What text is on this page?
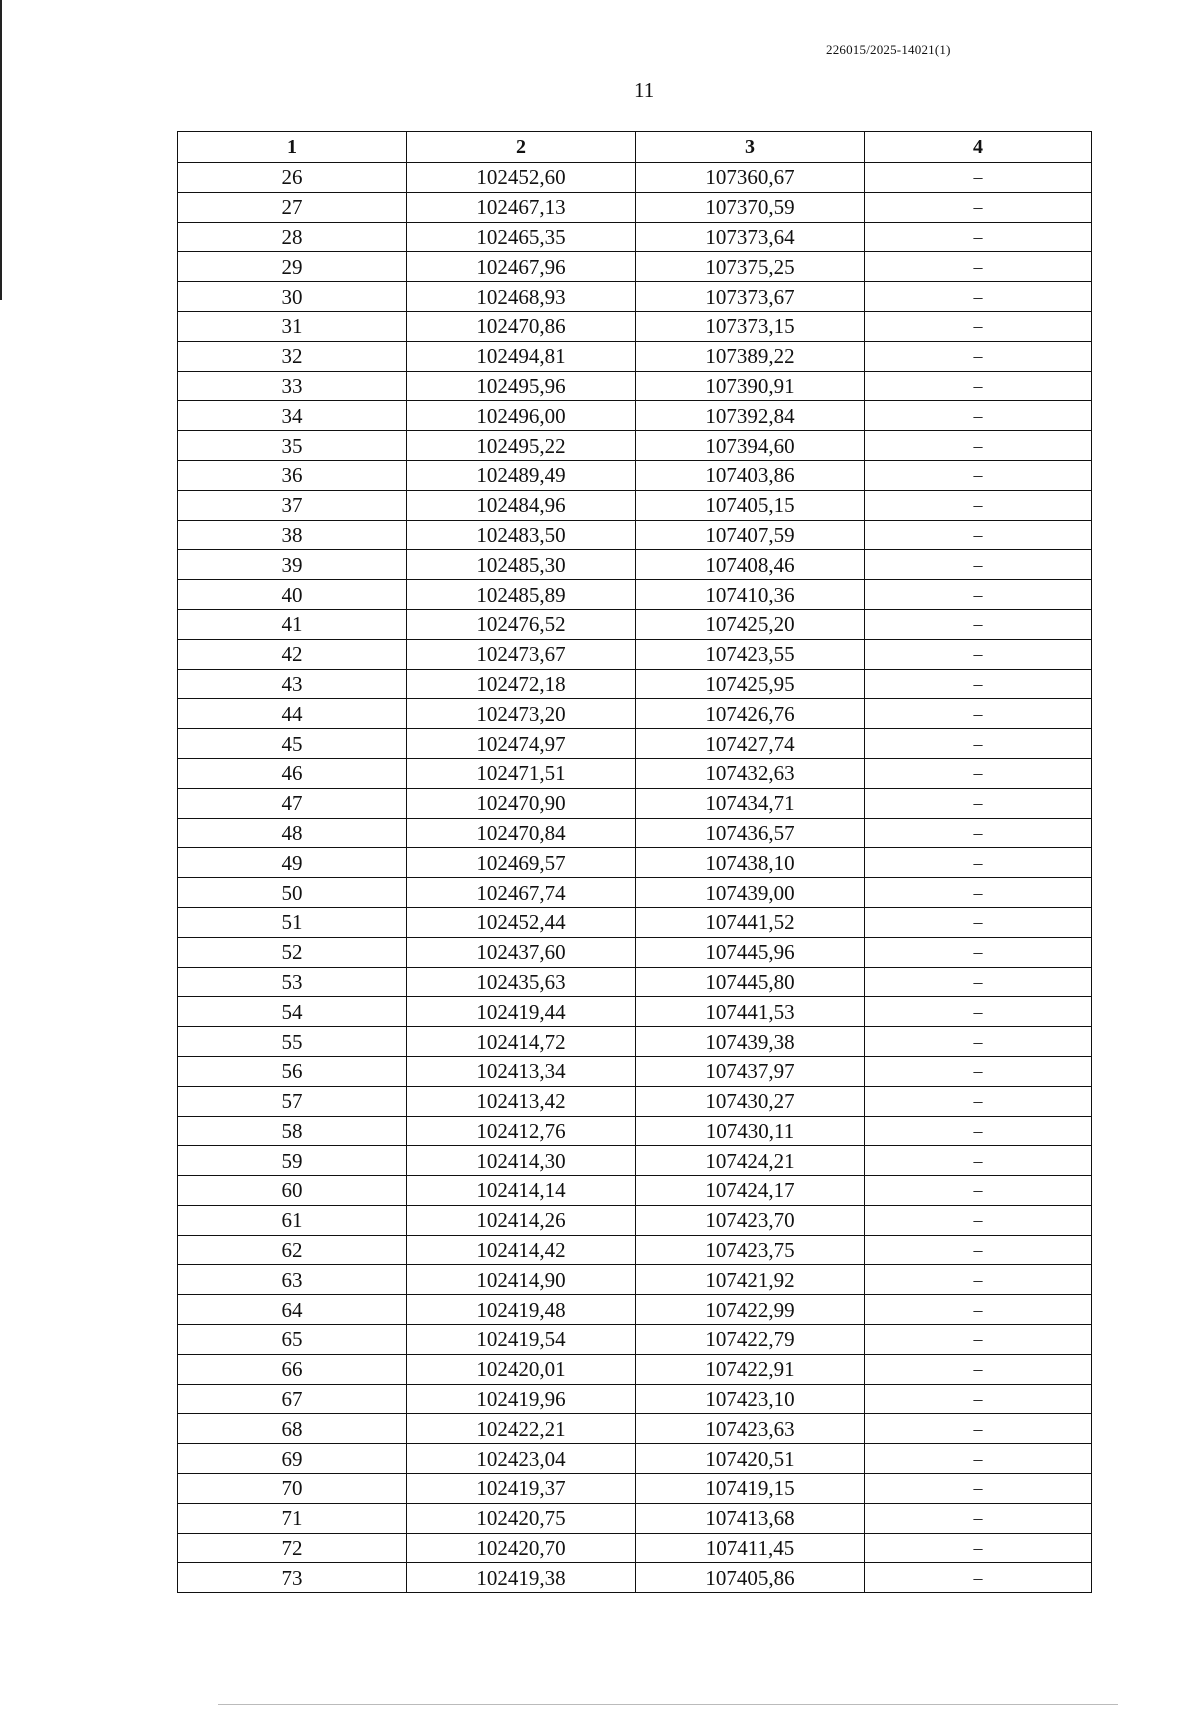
226015/2025-14021(1)
11
1	2	3	4
26	102452,60	107360,67	–
27	102467,13	107370,59	–
28	102465,35	107373,64	–
29	102467,96	107375,25	–
30	102468,93	107373,67	–
31	102470,86	107373,15	–
32	102494,81	107389,22	–
33	102495,96	107390,91	–
34	102496,00	107392,84	–
35	102495,22	107394,60	–
36	102489,49	107403,86	–
37	102484,96	107405,15	–
38	102483,50	107407,59	–
39	102485,30	107408,46	–
40	102485,89	107410,36	–
41	102476,52	107425,20	–
42	102473,67	107423,55	–
43	102472,18	107425,95	–
44	102473,20	107426,76	–
45	102474,97	107427,74	–
46	102471,51	107432,63	–
47	102470,90	107434,71	–
48	102470,84	107436,57	–
49	102469,57	107438,10	–
50	102467,74	107439,00	–
51	102452,44	107441,52	–
52	102437,60	107445,96	–
53	102435,63	107445,80	–
54	102419,44	107441,53	–
55	102414,72	107439,38	–
56	102413,34	107437,97	–
57	102413,42	107430,27	–
58	102412,76	107430,11	–
59	102414,30	107424,21	–
60	102414,14	107424,17	–
61	102414,26	107423,70	–
62	102414,42	107423,75	–
63	102414,90	107421,92	–
64	102419,48	107422,99	–
65	102419,54	107422,79	–
66	102420,01	107422,91	–
67	102419,96	107423,10	–
68	102422,21	107423,63	–
69	102423,04	107420,51	–
70	102419,37	107419,15	–
71	102420,75	107413,68	–
72	102420,70	107411,45	–
73	102419,38	107405,86	–
